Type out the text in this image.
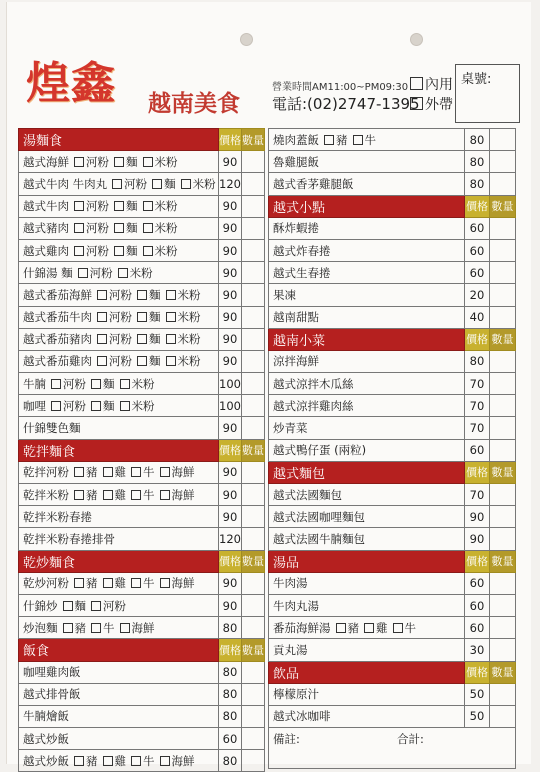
煌鑫 越南美食
營業時間AM11:00~PM09:30
電話:(02)2747-1395
內用
外帶
桌號:
湯麵食	價格	數量
越式海鮮 河粉 麵 米粉	90	
越式牛肉 牛肉丸 河粉 麵 米粉	120	
越式牛肉 河粉 麵 米粉	90	
越式豬肉 河粉 麵 米粉	90	
越式雞肉 河粉 麵 米粉	90	
什錦湯 麵 河粉 米粉	90	
越式番茄海鮮 河粉 麵 米粉	90	
越式番茄牛肉 河粉 麵 米粉	90	
越式番茄豬肉 河粉 麵 米粉	90	
越式番茄雞肉 河粉 麵 米粉	90	
牛腩 河粉 麵 米粉	100	
咖哩 河粉 麵 米粉	100	
什錦雙色麵	90	
乾拌麵食	價格	數量
乾拌河粉 豬 雞 牛 海鮮	90	
乾拌米粉 豬 雞 牛 海鮮	90	
乾拌米粉春捲	90	
乾拌米粉春捲排骨	120	
乾炒麵食	價格	數量
乾炒河粉 豬 雞 牛 海鮮	90	
什錦炒 麵 河粉	90	
炒泡麵 豬 牛 海鮮	80	
飯食	價格	數量
咖哩雞肉飯	80	
越式排骨飯	80	
牛腩燴飯	80	
越式炒飯	60	
越式炒飯 豬 雞 牛 海鮮	80	
燒肉蓋飯 豬 牛	80	
魯雞腿飯	80	
越式香茅雞腿飯	80	
越式小點	價格	數量
酥炸蝦捲	60	
越式炸春捲	60	
越式生春捲	60	
果凍	20	
越南甜點	40	
越南小菜	價格	數量
涼拌海鮮	80	
越式涼拌木瓜絲	70	
越式涼拌雞肉絲	70	
炒青菜	70	
越式鴨仔蛋 (兩粒)	60	
越式麵包	價格	數量
越式法國麵包	70	
越式法國咖哩麵包	90	
越式法國牛腩麵包	90	
湯品	價格	數量
牛肉湯	60	
牛肉丸湯	60	
番茄海鮮湯 豬 雞 牛	60	
貢丸湯	30	
飲品	價格	數量
檸檬原汁	50	
越式冰咖啡	50	

備註: 合計:		
